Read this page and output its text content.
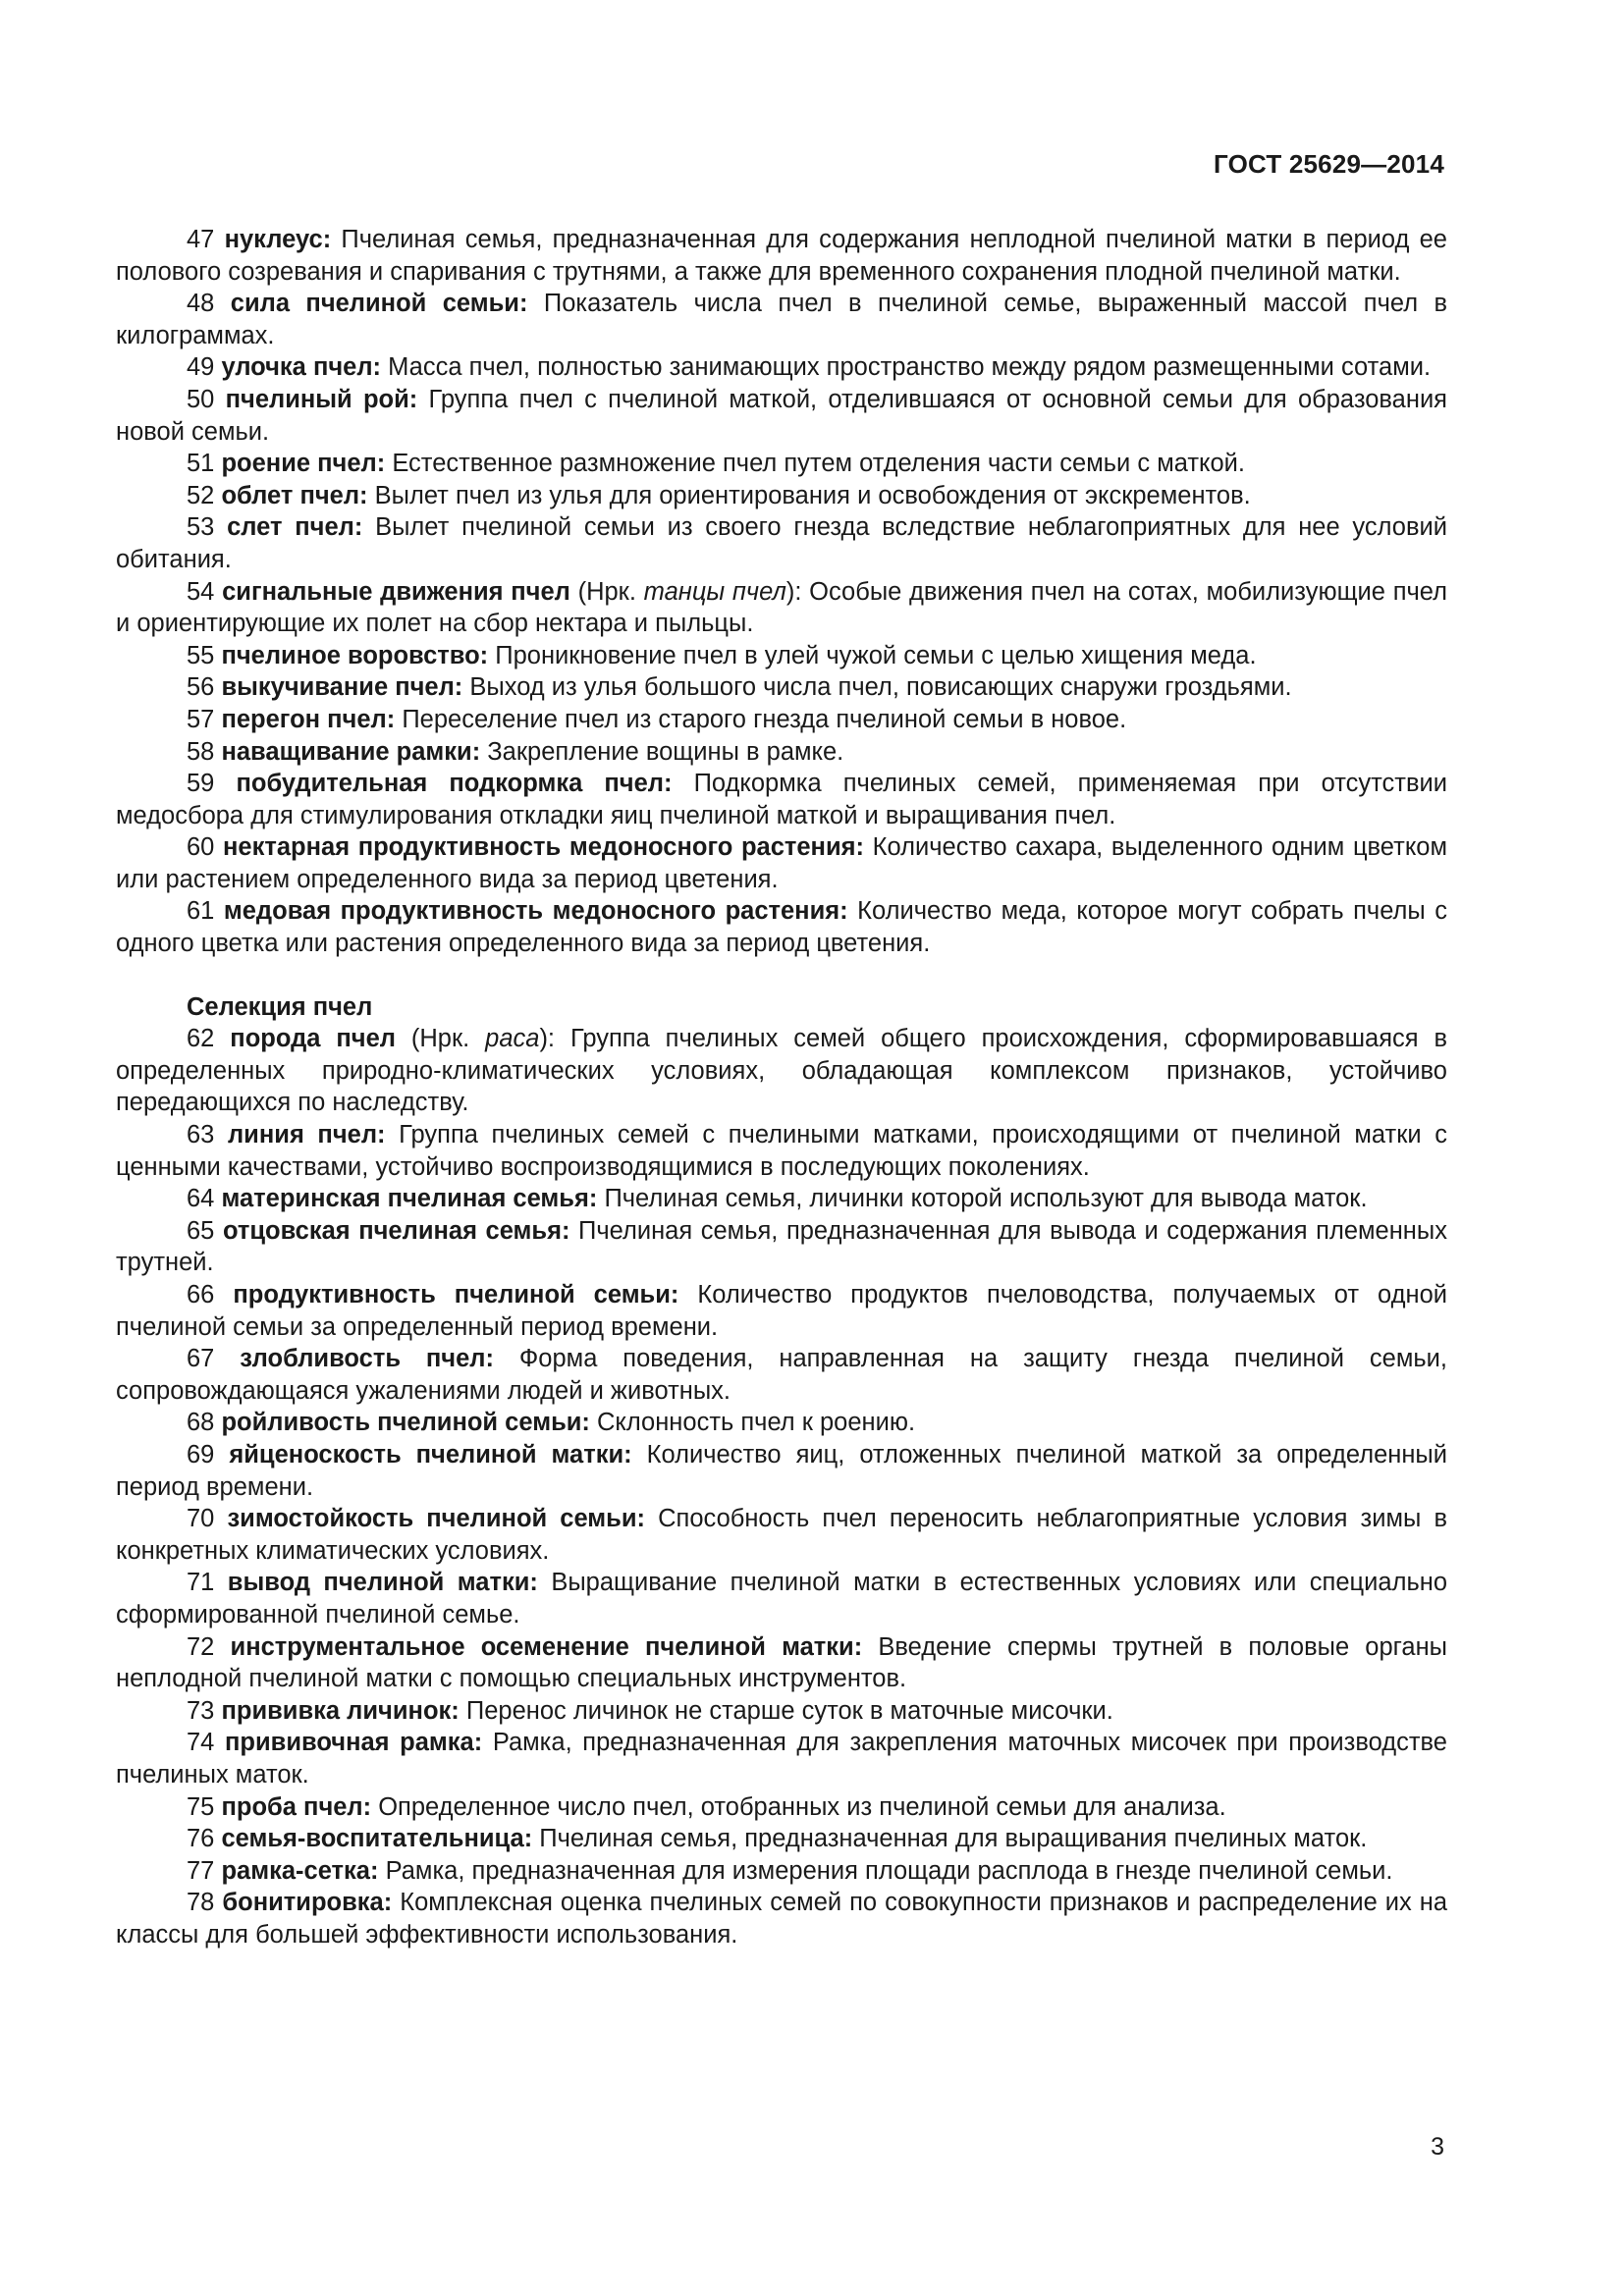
ГОСТ 25629—2014

47 нуклеус: Пчелиная семья, предназначенная для содержания неплодной пчелиной матки в период ее полового созревания и спаривания с трутнями, а также для временного сохранения плодной пчелиной матки.

48 сила пчелиной семьи: Показатель числа пчел в пчелиной семье, выраженный массой пчел в килограммах.

49 улочка пчел: Масса пчел, полностью занимающих пространство между рядом размещенными сотами.

50 пчелиный рой: Группа пчел с пчелиной маткой, отделившаяся от основной семьи для образования новой семьи.

51 роение пчел: Естественное размножение пчел путем отделения части семьи с маткой.

52 облет пчел: Вылет пчел из улья для ориентирования и освобождения от экскрементов.

53 слет пчел: Вылет пчелиной семьи из своего гнезда вследствие неблагоприятных для нее условий обитания.

54 сигнальные движения пчел (Нрк. танцы пчел): Особые движения пчел на сотах, мобилизующие пчел и ориентирующие их полет на сбор нектара и пыльцы.

55 пчелиное воровство: Проникновение пчел в улей чужой семьи с целью хищения меда.

56 выкучивание пчел: Выход из улья большого числа пчел, повисающих снаружи гроздьями.

57 перегон пчел: Переселение пчел из старого гнезда пчелиной семьи в новое.

58 наващивание рамки: Закрепление вощины в рамке.

59 побудительная подкормка пчел: Подкормка пчелиных семей, применяемая при отсутствии медосбора для стимулирования откладки яиц пчелиной маткой и выращивания пчел.

60 нектарная продуктивность медоносного растения: Количество сахара, выделенного одним цветком или растением определенного вида за период цветения.

61 медовая продуктивность медоносного растения: Количество меда, которое могут собрать пчелы с одного цветка или растения определенного вида за период цветения.

Селекция пчел

62 порода пчел (Нрк. раса): Группа пчелиных семей общего происхождения, сформировавшаяся в определенных природно-климатических условиях, обладающая комплексом признаков, устойчиво передающихся по наследству.

63 линия пчел: Группа пчелиных семей с пчелиными матками, происходящими от пчелиной матки с ценными качествами, устойчиво воспроизводящимися в последующих поколениях.

64 материнская пчелиная семья: Пчелиная семья, личинки которой используют для вывода маток.

65 отцовская пчелиная семья: Пчелиная семья, предназначенная для вывода и содержания племенных трутней.

66 продуктивность пчелиной семьи: Количество продуктов пчеловодства, получаемых от одной пчелиной семьи за определенный период времени.

67 злобливость пчел: Форма поведения, направленная на защиту гнезда пчелиной семьи, сопровождающаяся ужалениями людей и животных.

68 ройливость пчелиной семьи: Склонность пчел к роению.

69 яйценоскость пчелиной матки: Количество яиц, отложенных пчелиной маткой за определенный период времени.

70 зимостойкость пчелиной семьи: Способность пчел переносить неблагоприятные условия зимы в конкретных климатических условиях.

71 вывод пчелиной матки: Выращивание пчелиной матки в естественных условиях или специально сформированной пчелиной семье.

72 инструментальное осеменение пчелиной матки: Введение спермы трутней в половые органы неплодной пчелиной матки с помощью специальных инструментов.

73 прививка личинок: Перенос личинок не старше суток в маточные мисочки.

74 прививочная рамка: Рамка, предназначенная для закрепления маточных мисочек при производстве пчелиных маток.

75 проба пчел: Определенное число пчел, отобранных из пчелиной семьи для анализа.

76 семья-воспитательница: Пчелиная семья, предназначенная для выращивания пчелиных маток.

77 рамка-сетка: Рамка, предназначенная для измерения площади расплода в гнезде пчелиной семьи.

78 бонитировка: Комплексная оценка пчелиных семей по совокупности признаков и распределение их на классы для большей эффективности использования.

3
